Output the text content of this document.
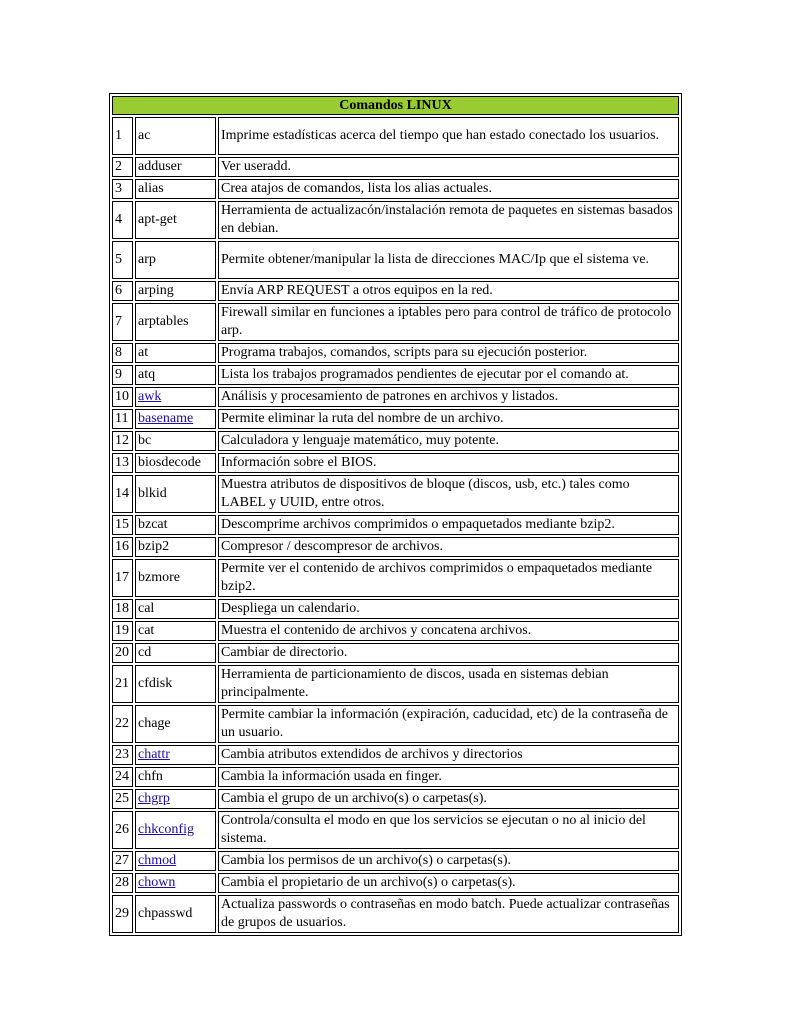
Comandos LINUX		
1	ac	Imprime estadísticas acerca del tiempo que han estado conectado los usuarios.
2	adduser	Ver useradd.
3	alias	Crea atajos de comandos, lista los alias actuales.
4	apt-get	Herramienta de actualizacón/instalación remota de paquetes en sistemas basados en debian.
5	arp	Permite obtener/manipular la lista de direcciones MAC/Ip que el sistema ve.
6	arping	Envía ARP REQUEST a otros equipos en la red.
7	arptables	Firewall similar en funciones a iptables pero para control de tráfico de protocolo arp.
8	at	Programa trabajos, comandos, scripts para su ejecución posterior.
9	atq	Lista los trabajos programados pendientes de ejecutar por el comando at.
10	awk	Análisis y procesamiento de patrones en archivos y listados.
11	basename	Permite eliminar la ruta del nombre de un archivo.
12	bc	Calculadora y lenguaje matemático, muy potente.
13	biosdecode	Información sobre el BIOS.
14	blkid	Muestra atributos de dispositivos de bloque (discos, usb, etc.) tales como LABEL y UUID, entre otros.
15	bzcat	Descomprime archivos comprimidos o empaquetados mediante bzip2.
16	bzip2	Compresor / descompresor de archivos.
17	bzmore	Permite ver el contenido de archivos comprimidos o empaquetados mediante bzip2.
18	cal	Despliega un calendario.
19	cat	Muestra el contenido de archivos y concatena archivos.
20	cd	Cambiar de directorio.
21	cfdisk	Herramienta de particionamiento de discos, usada en sistemas debian principalmente.
22	chage	Permite cambiar la información (expiración, caducidad, etc) de la contraseña de un usuario.
23	chattr	Cambia atributos extendidos de archivos y directorios
24	chfn	Cambia la información usada en finger.
25	chgrp	Cambia el grupo de un archivo(s) o carpetas(s).
26	chkconfig	Controla/consulta el modo en que los servicios se ejecutan o no al inicio del sistema.
27	chmod	Cambia los permisos de un archivo(s) o carpetas(s).
28	chown	Cambia el propietario de un archivo(s) o carpetas(s).
29	chpasswd	Actualiza passwords o contraseñas en modo batch. Puede actualizar contraseñas de grupos de usuarios.
